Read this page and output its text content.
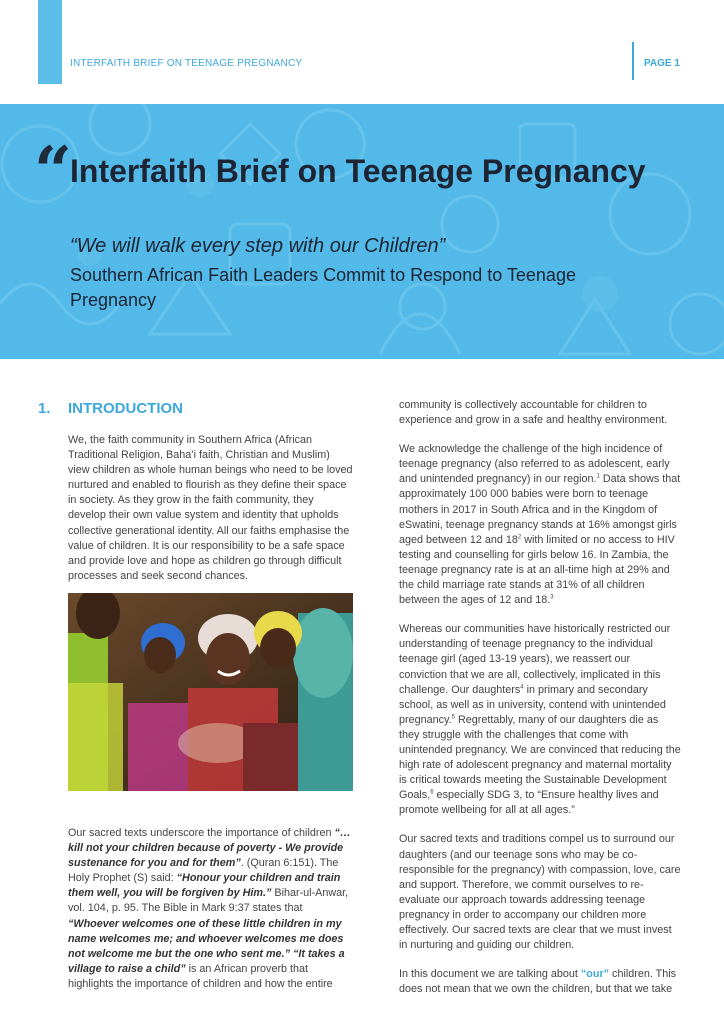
INTERFAITH BRIEF ON TEENAGE PREGNANCY	PAGE 1
“
Interfaith Brief on Teenage Pregnancy
“We will walk every step with our Children”
Southern African Faith Leaders Commit to Respond to Teenage Pregnancy
1. INTRODUCTION

We, the faith community in Southern Africa (African Traditional Religion, Baha’i faith, Christian and Muslim) view children as whole human beings who need to be loved nurtured and enabled to flourish as they define their space in society. As they grow in the faith community, they develop their own value system and identity that upholds collective generational identity. All our faiths emphasise the value of children. It is our responsibility to be a safe space and provide love and hope as children go through difficult processes and seek second chances.

Our sacred texts underscore the importance of children “…kill not your children because of poverty - We provide sustenance for you and for them”. (Quran 6:151). The Holy Prophet (S) said: “Honour your children and train them well, you will be forgiven by Him.” Bihar-ul-Anwar, vol. 104, p. 95. The Bible in Mark 9:37 states that “Whoever welcomes one of these little children in my name welcomes me; and whoever welcomes me does not welcome me but the one who sent me.” “It takes a village to raise a child” is an African proverb that highlights the importance of children and how the entire

community is collectively accountable for children to experience and grow in a safe and healthy environment.

We acknowledge the challenge of the high incidence of teenage pregnancy (also referred to as adolescent, early and unintended pregnancy) in our region.$^1$ Data shows that approximately 100 000 babies were born to teenage mothers in 2017 in South Africa and in the Kingdom of eSwatini, teenage pregnancy stands at 16% amongst girls aged between 12 and $18^2$ with limited or no access to HIV testing and counselling for girls below 16. In Zambia, the teenage pregnancy rate is at an all-time high at 29% and the child marriage rate stands at 31% of all children between the ages of 12 and 18.$^3$

Whereas our communities have historically restricted our understanding of teenage pregnancy to the individual teenage girl (aged 13-19 years), we reassert our conviction that we are all, collectively, implicated in this challenge. Our daughters$^4$ in primary and secondary school, as well as in university, contend with unintended pregnancy.$^5$ Regrettably, many of our daughters die as they struggle with the challenges that come with unintended pregnancy. We are convinced that reducing the high rate of adolescent pregnancy and maternal mortality is critical towards meeting the Sustainable Development Goals,$^6$ especially SDG 3, to “Ensure healthy lives and promote wellbeing for all at all ages.”

Our sacred texts and traditions compel us to surround our daughters (and our teenage sons who may be co-responsible for the pregnancy) with compassion, love, care and support. Therefore, we commit ourselves to re-evaluate our approach towards addressing teenage pregnancy in order to accompany our children more effectively. Our sacred texts are clear that we must invest in nurturing and guiding our children.

In this document we are talking about “our” children. This does not mean that we own the children, but that we take
